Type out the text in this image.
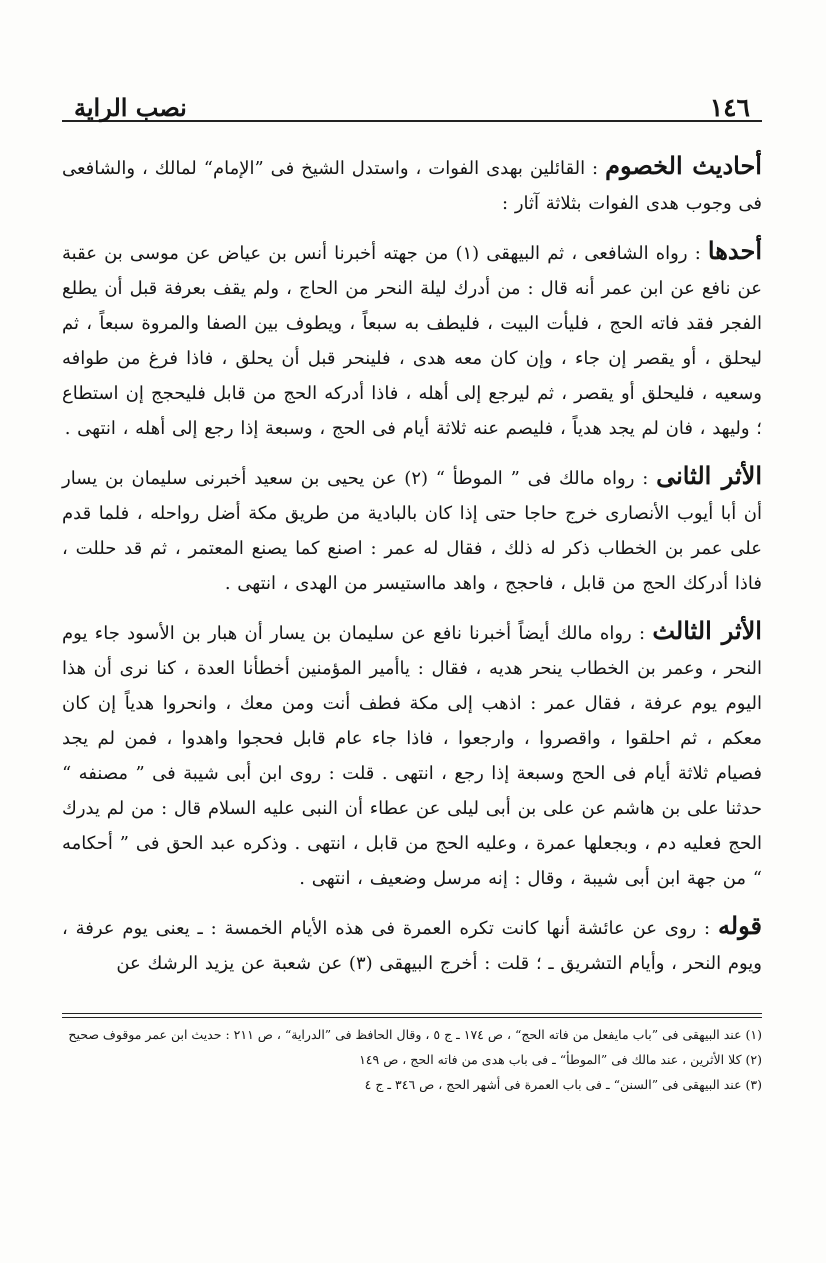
١٤٦
نصب الراية

أحاديث الخصوم : القائلين بهدى الفوات ، واستدل الشيخ فى ”الإمام“ لمالك ، والشافعى فى وجوب هدى الفوات بثلاثة آثار :

أحدها : رواه الشافعى ، ثم البيهقى (١) من جهته أخبرنا أنس بن عياض عن موسى بن عقبة عن نافع عن ابن عمر أنه قال : من أدرك ليلة النحر من الحاج ، ولم يقف بعرفة قبل أن يطلع الفجر فقد فاته الحج ، فليأت البيت ، فليطف به سبعاً ، ويطوف بين الصفا والمروة سبعاً ، ثم ليحلق ، أو يقصر إن جاء ، وإن كان معه هدى ، فلينحر قبل أن يحلق ، فاذا فرغ من طوافه وسعيه ، فليحلق أو يقصر ، ثم ليرجع إلى أهله ، فاذا أدركه الحج من قابل فليحجج إن استطاع ؛ وليهد ، فان لم يجد هدياً ، فليصم عنه ثلاثة أيام فى الحج ، وسبعة إذا رجع إلى أهله ، انتهى .

الأثر الثانى : رواه مالك فى ” الموطأ “ (٢) عن يحيى بن سعيد أخبرنى سليمان بن يسار أن أبا أيوب الأنصارى خرج حاجا حتى إذا كان بالبادية من طريق مكة أضل رواحله ، فلما قدم على عمر بن الخطاب ذكر له ذلك ، فقال له عمر : اصنع كما يصنع المعتمر ، ثم قد حللت ، فاذا أدركك الحج من قابل ، فاحجج ، واهد مااستيسر من الهدى ، انتهى .

الأثر الثالث : رواه مالك أيضاً أخبرنا نافع عن سليمان بن يسار أن هبار بن الأسود جاء يوم النحر ، وعمر بن الخطاب ينحر هديه ، فقال : ياأمير المؤمنين أخطأنا العدة ، كنا نرى أن هذا اليوم يوم عرفة ، فقال عمر : اذهب إلى مكة فطف أنت ومن معك ، وانحروا هدياً إن كان معكم ، ثم احلقوا ، واقصروا ، وارجعوا ، فاذا جاء عام قابل فحجوا واهدوا ، فمن لم يجد فصيام ثلاثة أيام فى الحج وسبعة إذا رجع ، انتهى . قلت : روى ابن أبى شيبة فى ” مصنفه “ حدثنا على بن هاشم عن على بن أبى ليلى عن عطاء أن النبى عليه السلام قال : من لم يدرك الحج فعليه دم ، وبجعلها عمرة ، وعليه الحج من قابل ، انتهى . وذكره عبد الحق فى ” أحكامه “ من جهة ابن أبى شيبة ، وقال : إنه مرسل وضعيف ، انتهى .

قوله : روى عن عائشة أنها كانت تكره العمرة فى هذه الأيام الخمسة : ـ يعنى يوم عرفة ، ويوم النحر ، وأيام التشريق ـ ؛ قلت : أخرج البيهقى (٣) عن شعبة عن يزيد الرشك عن

(١) عند البيهقى فى ”باب مايفعل من فاته الحج“ ، ص ١٧٤ ـ ج ٥ ، وقال الحافظ فى ”الدراية“ ، ص ٢١١ : حديث ابن عمر موقوف صحيح

(٢) كلا الأثرين ، عند مالك فى ”الموطأ“ ـ فى باب هدى من فاته الحج ، ص ١٤٩

(٣) عند البيهقى فى ”السنن“ ـ فى باب العمرة فى أشهر الحج ، ص ٣٤٦ ـ ج ٤
